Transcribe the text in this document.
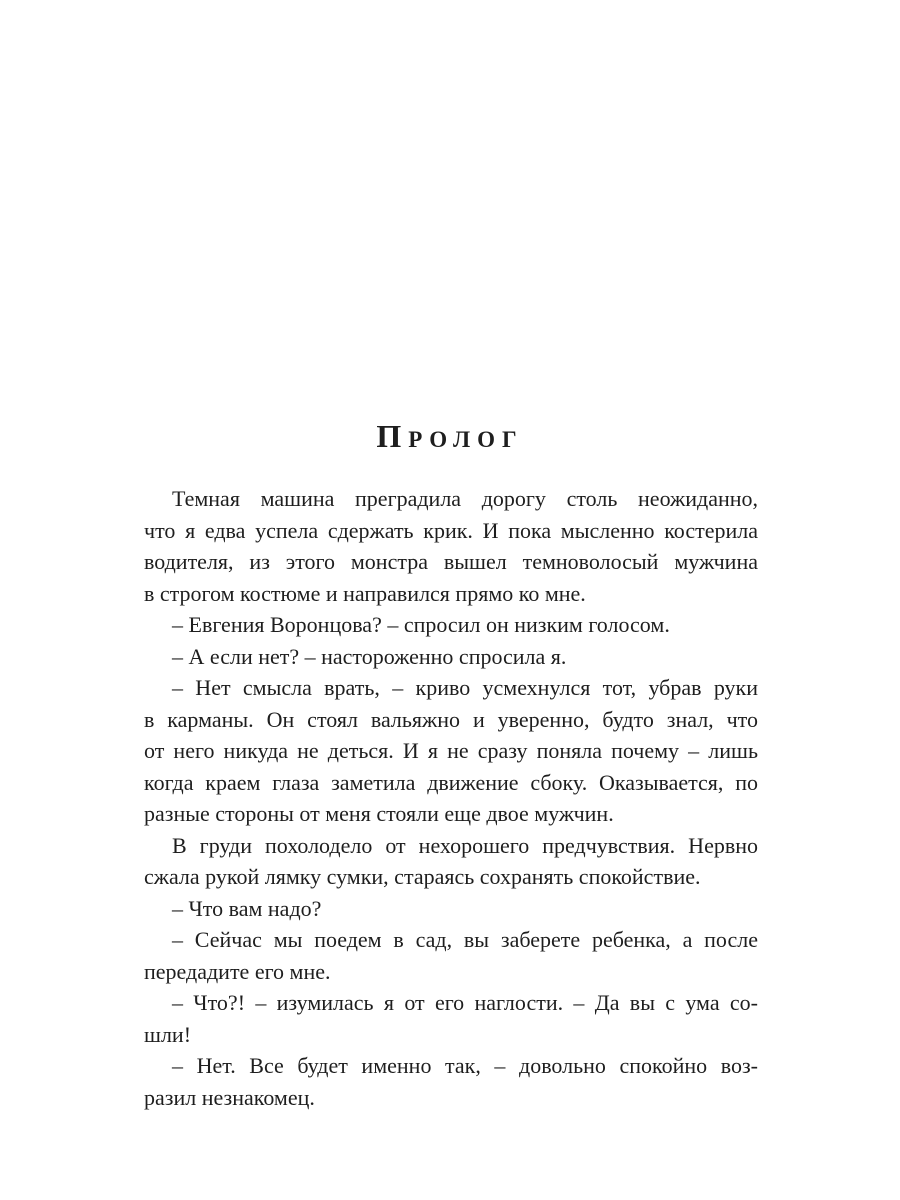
ПРОЛОГ
Темная машина преградила дорогу столь неожиданно,
что я едва успела сдержать крик. И пока мысленно костерила
водителя, из этого монстра вышел темноволосый мужчина
в строгом костюме и направился прямо ко мне.
– Евгения Воронцова? – спросил он низким голосом.
– А если нет? – настороженно спросила я.
– Нет смысла врать, – криво усмехнулся тот, убрав руки
в карманы. Он стоял вальяжно и уверенно, будто знал, что
от него никуда не деться. И я не сразу поняла почему – лишь
когда краем глаза заметила движение сбоку. Оказывается, по
разные стороны от меня стояли еще двое мужчин.
В груди похолодело от нехорошего предчувствия. Нервно
сжала рукой лямку сумки, стараясь сохранять спокойствие.
– Что вам надо?
– Сейчас мы поедем в сад, вы заберете ребенка, а после
передадите его мне.
– Что?! – изумилась я от его наглости. – Да вы с ума со-
шли!
– Нет. Все будет именно так, – довольно спокойно воз-
разил незнакомец.
